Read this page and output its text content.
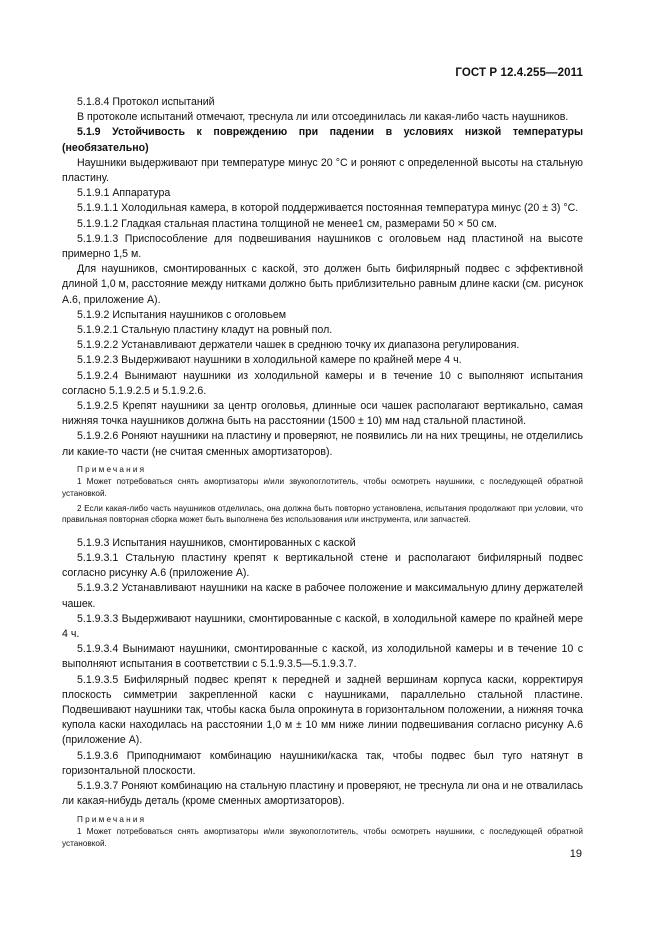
ГОСТ Р 12.4.255—2011

5.1.8.4 Протокол испытаний

В протоколе испытаний отмечают, треснула ли или отсоединилась ли какая-либо часть наушников.

5.1.9 Устойчивость к повреждению при падении в условиях низкой температуры (необязательно)

Наушники выдерживают при температуре минус 20 °С и роняют с определенной высоты на стальную пластину.

5.1.9.1 Аппаратура

5.1.9.1.1 Холодильная камера, в которой поддерживается постоянная температура минус (20 ± 3) °С.

5.1.9.1.2 Гладкая стальная пластина толщиной не менее1 см, размерами 50 × 50 см.

5.1.9.1.3 Приспособление для подвешивания наушников с оголовьем над пластиной на высоте примерно 1,5 м.

Для наушников, смонтированных с каской, это должен быть бифилярный подвес с эффективной длиной 1,0 м, расстояние между нитками должно быть приблизительно равным длине каски (см. рисунок А.6, приложение А).

5.1.9.2 Испытания наушников с оголовьем

5.1.9.2.1 Стальную пластину кладут на ровный пол.

5.1.9.2.2 Устанавливают держатели чашек в среднюю точку их диапазона регулирования.

5.1.9.2.3 Выдерживают наушники в холодильной камере по крайней мере 4 ч.

5.1.9.2.4 Вынимают наушники из холодильной камеры и в течение 10 с выполняют испытания согласно 5.1.9.2.5 и 5.1.9.2.6.

5.1.9.2.5 Крепят наушники за центр оголовья, длинные оси чашек располагают вертикально, самая нижняя точка наушников должна быть на расстоянии (1500 ± 10) мм над стальной пластиной.

5.1.9.2.6 Роняют наушники на пластину и проверяют, не появились ли на них трещины, не отделились ли какие-то части (не считая сменных амортизаторов).

Примечания

1 Может потребоваться снять амортизаторы и/или звукопоглотитель, чтобы осмотреть наушники, с последующей обратной установкой.

2 Если какая-либо часть наушников отделилась, она должна быть повторно установлена, испытания продолжают при условии, что правильная повторная сборка может быть выполнена без использования или инструмента, или запчастей.

5.1.9.3 Испытания наушников, смонтированных с каской

5.1.9.3.1 Стальную пластину крепят к вертикальной стене и располагают бифилярный подвес согласно рисунку А.6 (приложение А).

5.1.9.3.2 Устанавливают наушники на каске в рабочее положение и максимальную длину держателей чашек.

5.1.9.3.3 Выдерживают наушники, смонтированные с каской, в холодильной камере по крайней мере 4 ч.

5.1.9.3.4 Вынимают наушники, смонтированные с каской, из холодильной камеры и в течение 10 с выполняют испытания в соответствии с 5.1.9.3.5—5.1.9.3.7.

5.1.9.3.5 Бифилярный подвес крепят к передней и задней вершинам корпуса каски, корректируя плоскость симметрии закрепленной каски с наушниками, параллельно стальной пластине. Подвешивают наушники так, чтобы каска была опрокинута в горизонтальном положении, а нижняя точка купола каски находилась на расстоянии 1,0 м ± 10 мм ниже линии подвешивания согласно рисунку А.6 (приложение А).

5.1.9.3.6 Приподнимают комбинацию наушники/каска так, чтобы подвес был туго натянут в горизонтальной плоскости.

5.1.9.3.7 Роняют комбинацию на стальную пластину и проверяют, не треснула ли она и не отвалилась ли какая-нибудь деталь (кроме сменных амортизаторов).

Примечания

1 Может потребоваться снять амортизаторы и/или звукопоглотитель, чтобы осмотреть наушники, с последующей обратной установкой.

19
